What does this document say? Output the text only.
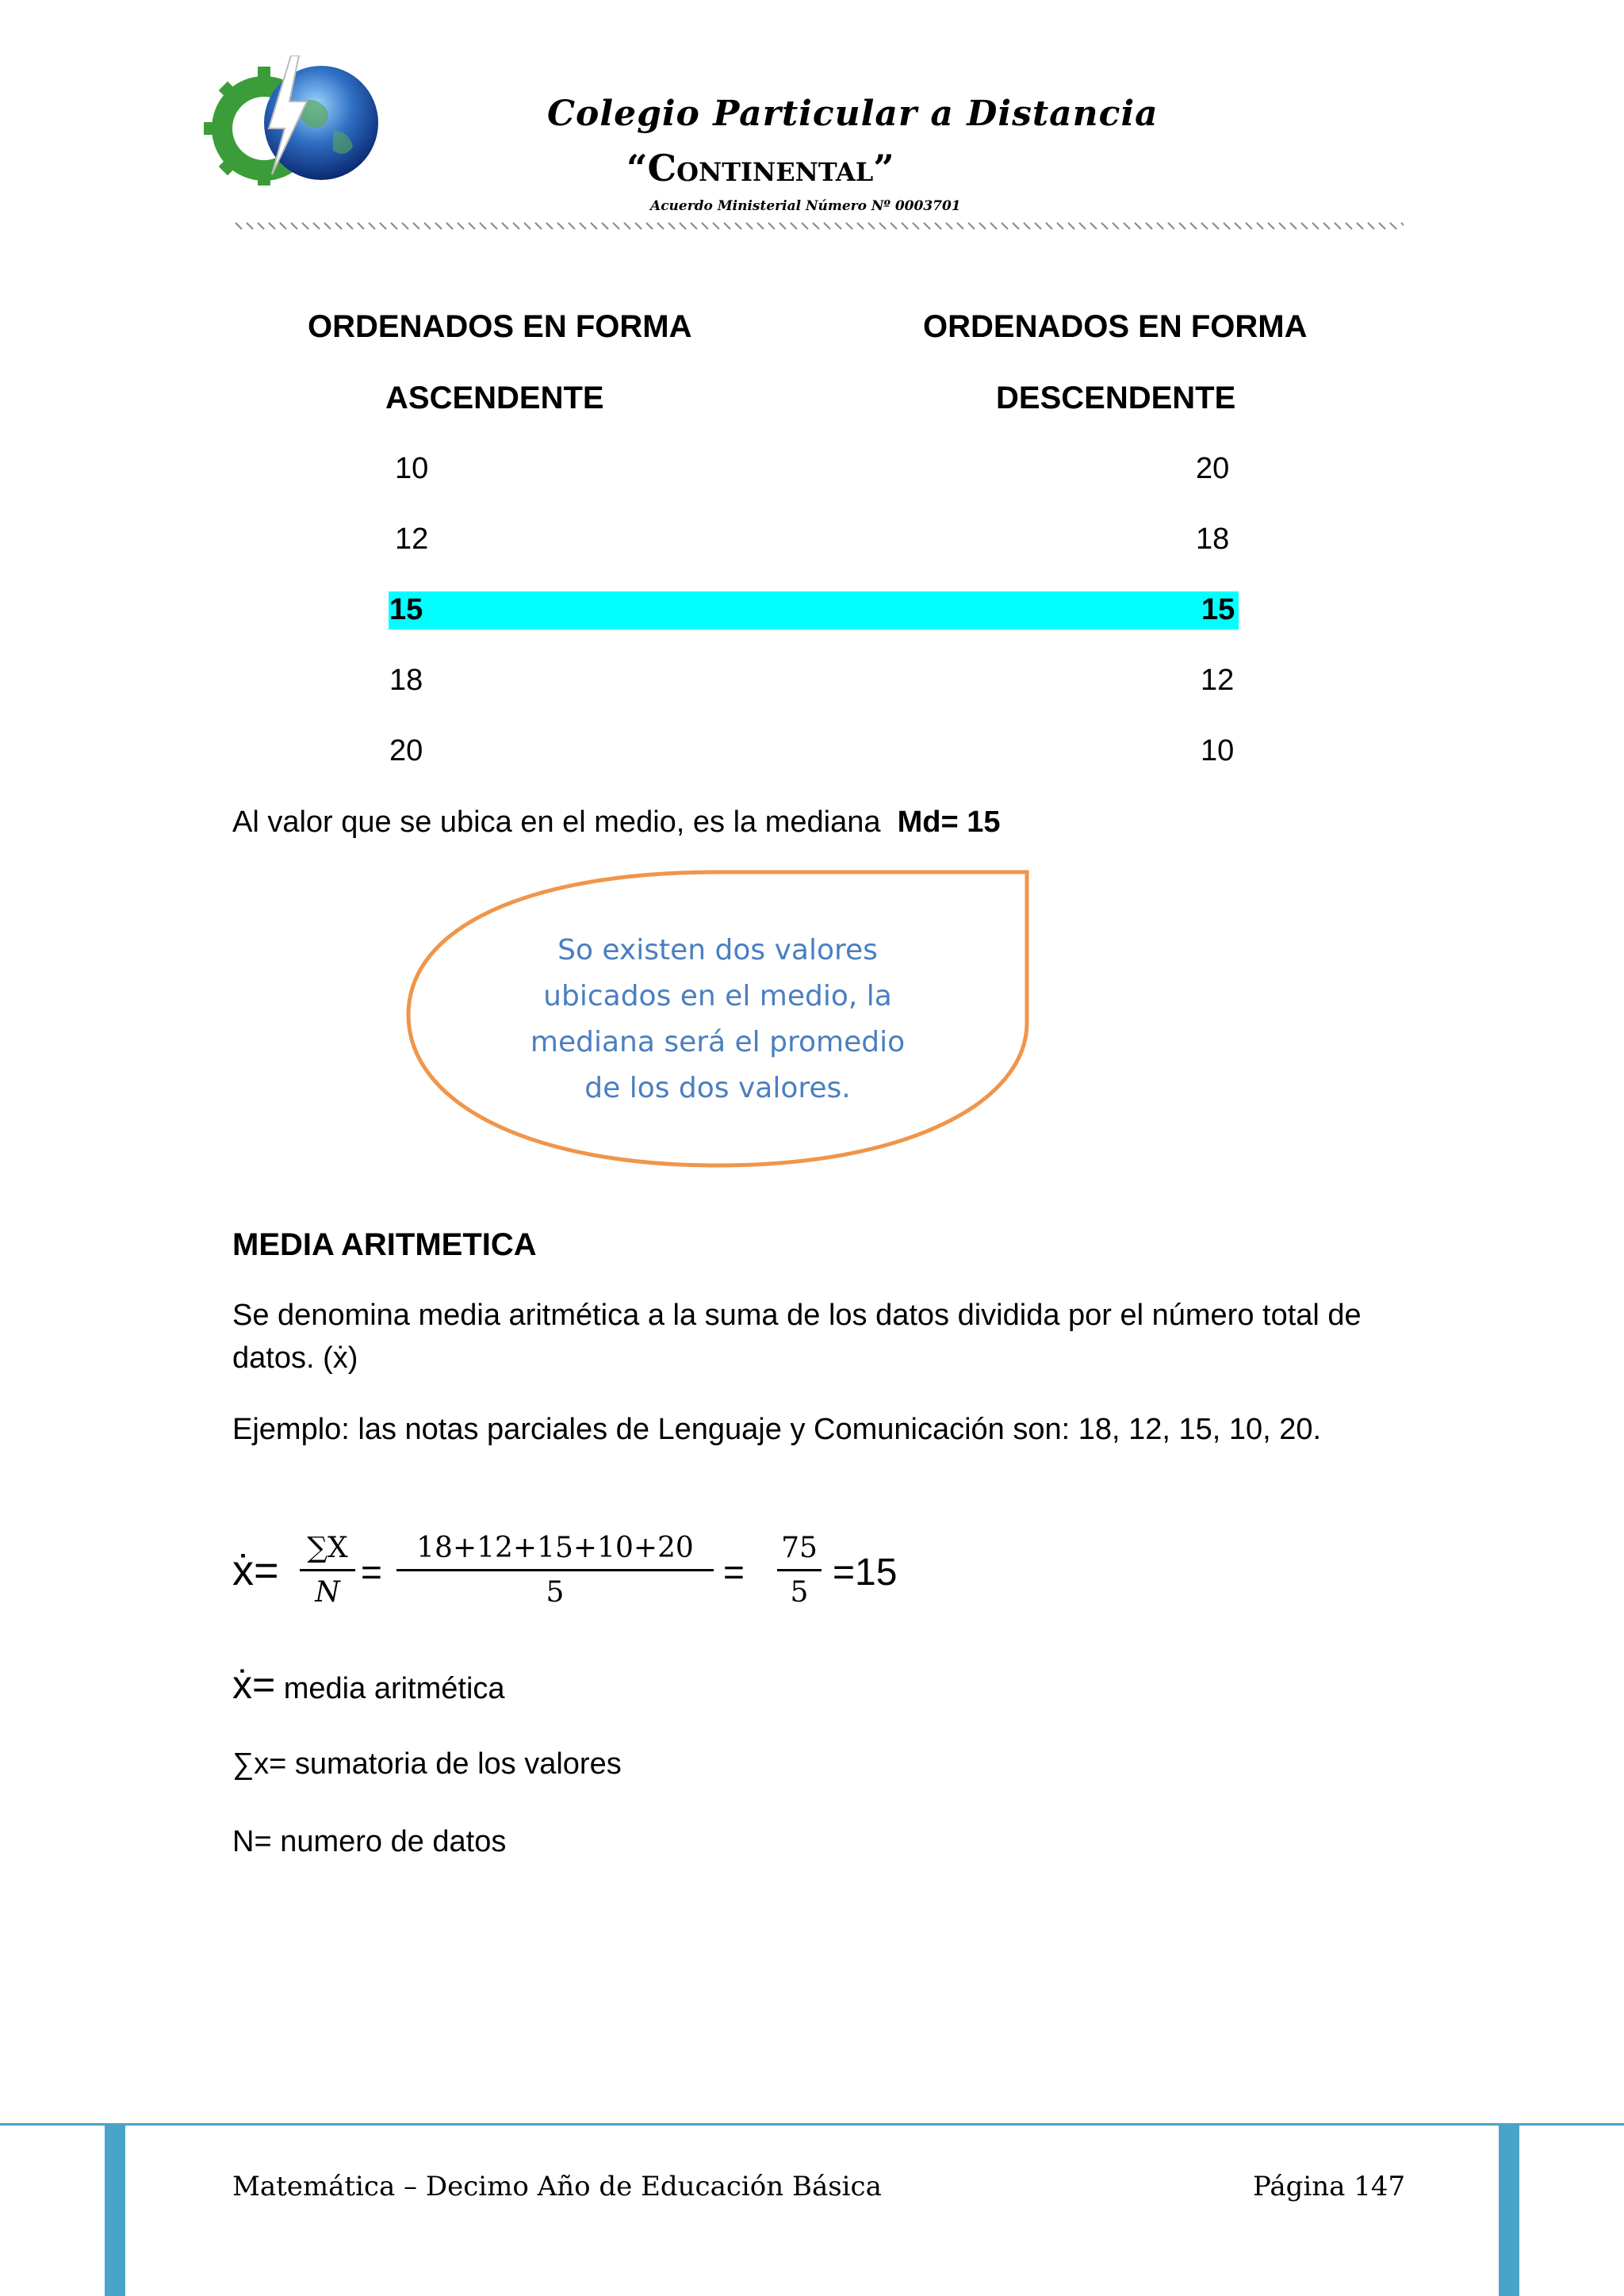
Colegio Particular a Distancia
“Continental”
Acuerdo Ministerial Número Nº 0003701
ORDENADOS EN FORMA
ASCENDENTE
ORDENADOS EN FORMA
DESCENDENTE
10
12
15
18
20
20
18
15
12
10
Al valor que se ubica en el medio, es la mediana Md= 15
So existen dos valores ubicados en el medio, la mediana será el promedio de los dos valores.
MEDIA ARITMETICA
Se denomina media aritmética a la suma de los datos dividida por el número total de datos. (ẋ)
Ejemplo: las notas parciales de Lenguaje y Comunicación son: 18, 12, 15, 10, 20.
ẋ= $\frac{\sum X}{N} = \frac{18+12+15+10+20}{5} = \frac{75}{5} =15$
ẋ= media aritmética
∑x= sumatoria de los valores
N= numero de datos
Matemática – Decimo Año de Educación Básica	Página 147
